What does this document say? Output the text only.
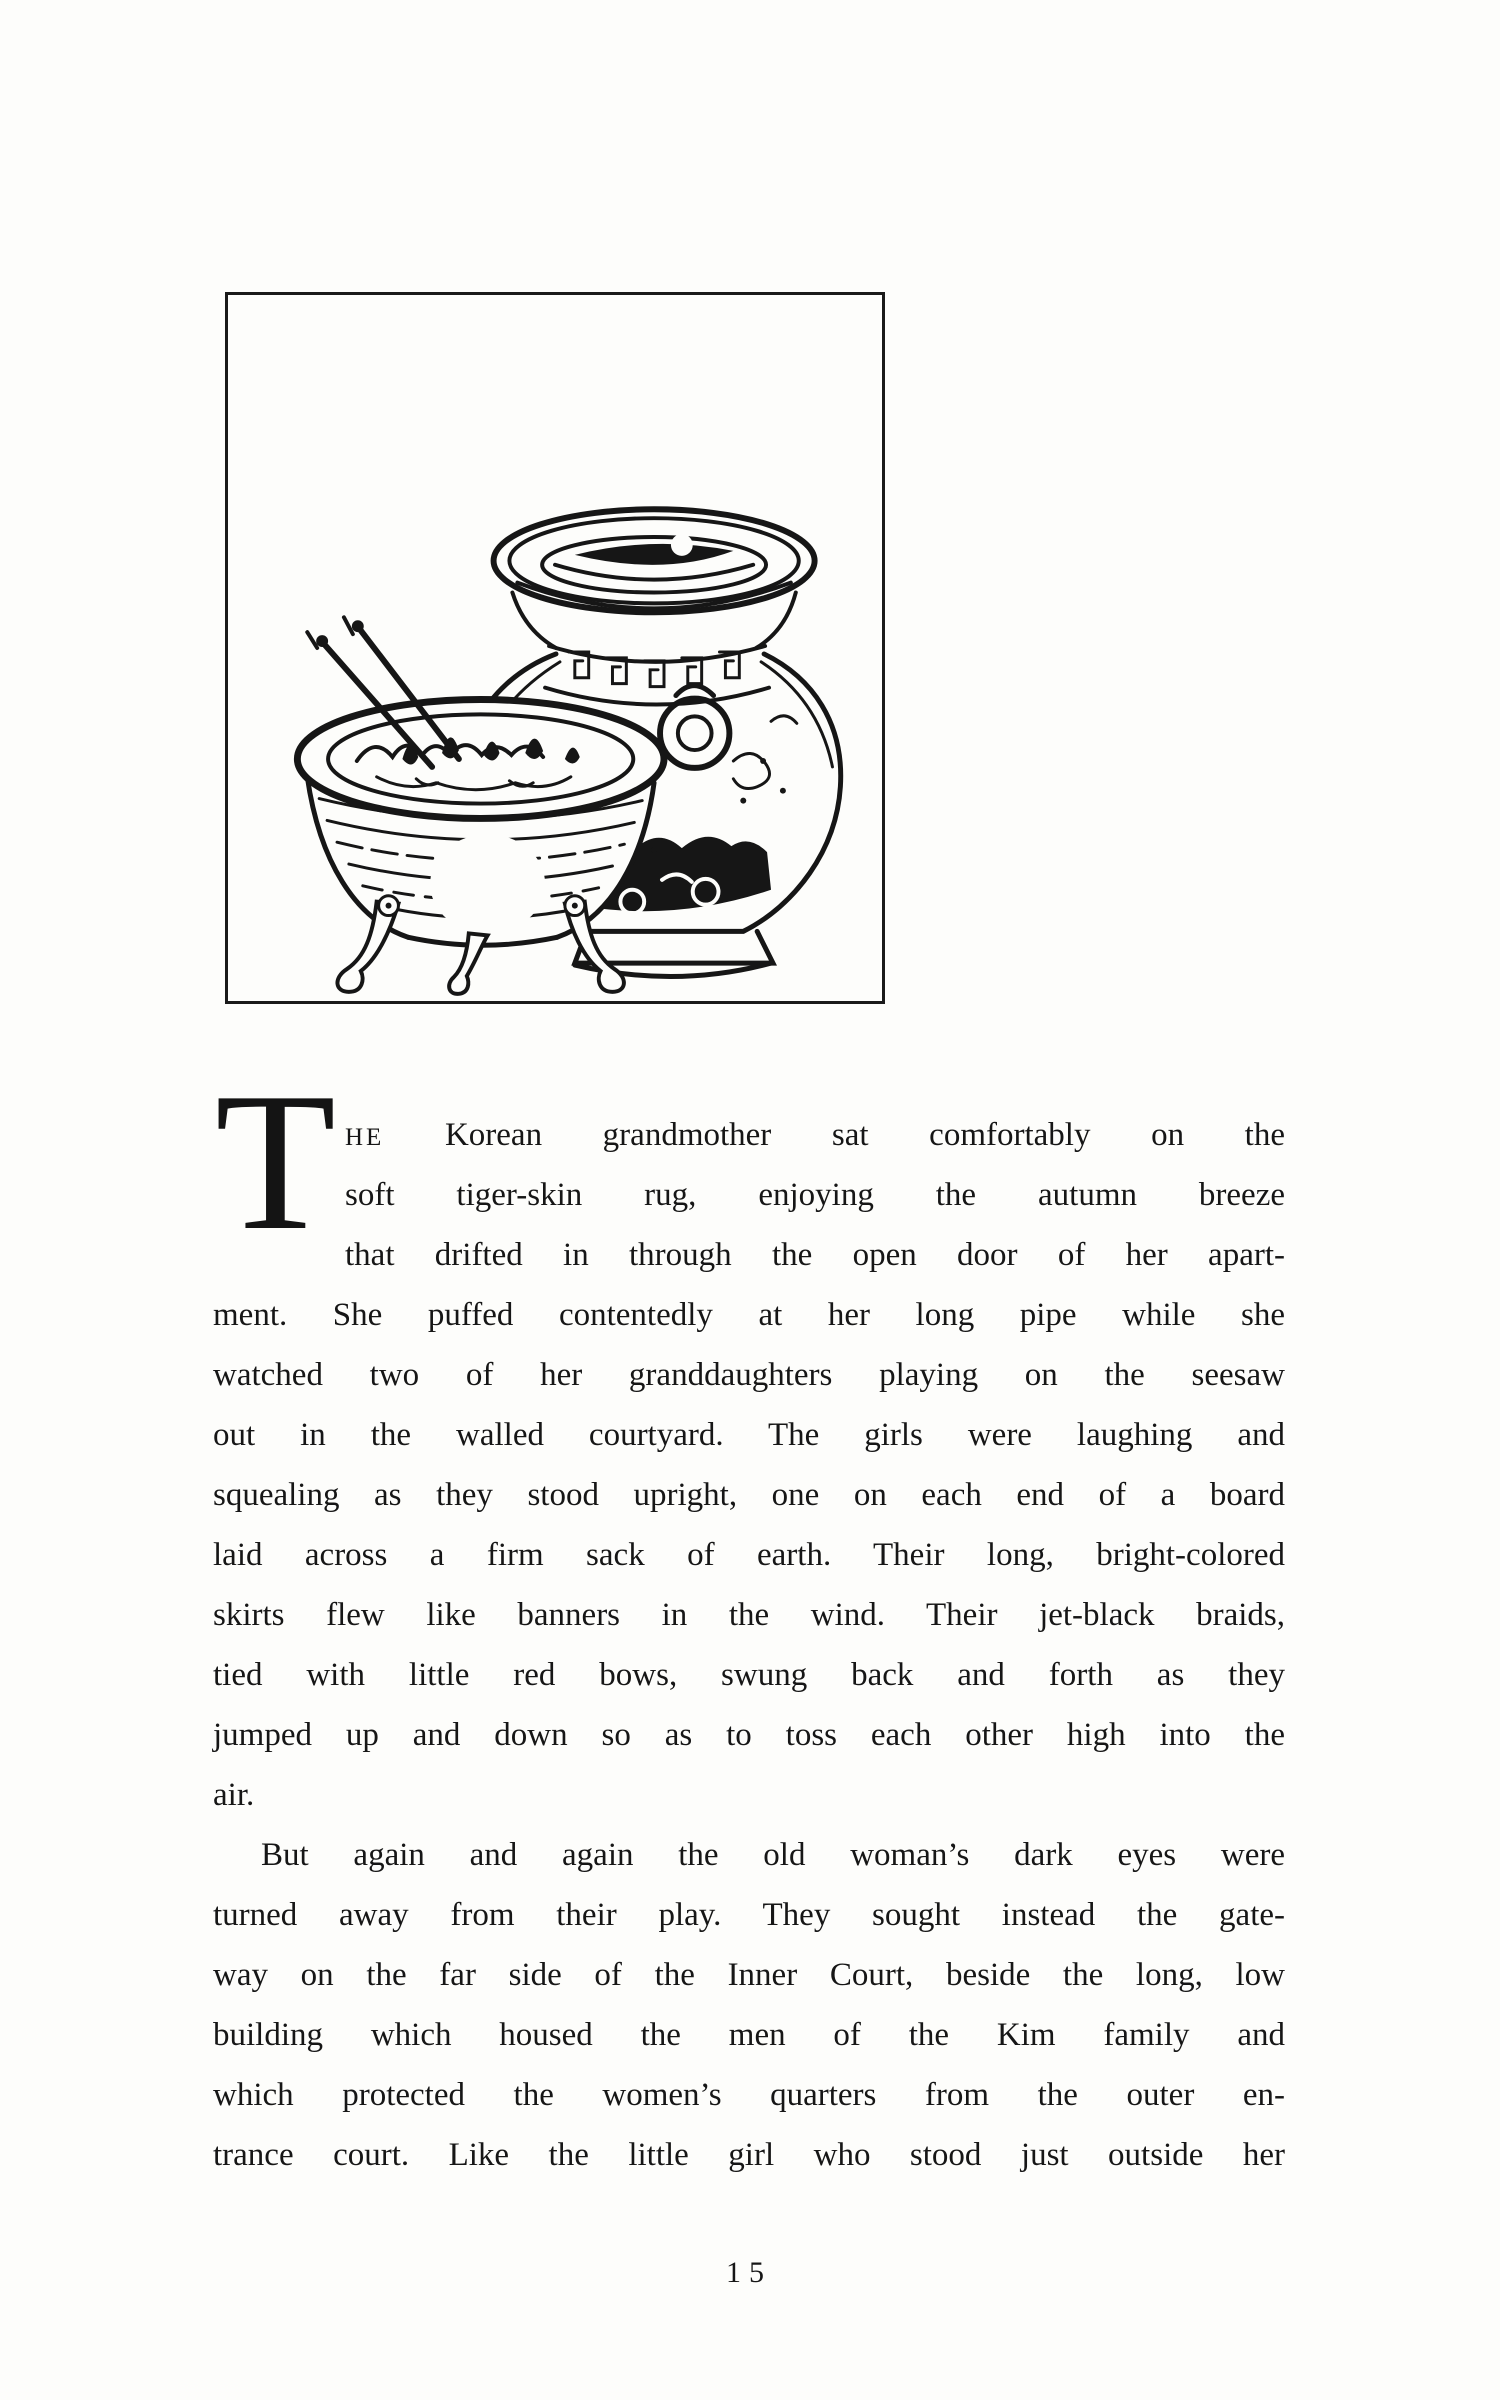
T HE Korean grandmother sat comfortably on the
soft tiger-skin rug, enjoying the autumn breeze
that drifted in through the open door of her apart-
ment. She puffed contentedly at her long pipe while she
watched two of her granddaughters playing on the seesaw
out in the walled courtyard. The girls were laughing and
squealing as they stood upright, one on each end of a board
laid across a firm sack of earth. Their long, bright-colored
skirts flew like banners in the wind. Their jet-black braids,
tied with little red bows, swung back and forth as they
jumped up and down so as to toss each other high into the
air.
But again and again the old woman’s dark eyes were
turned away from their play. They sought instead the gate-
way on the far side of the Inner Court, beside the long, low
building which housed the men of the Kim family and
which protected the women’s quarters from the outer en-
trance court. Like the little girl who stood just outside her
15
